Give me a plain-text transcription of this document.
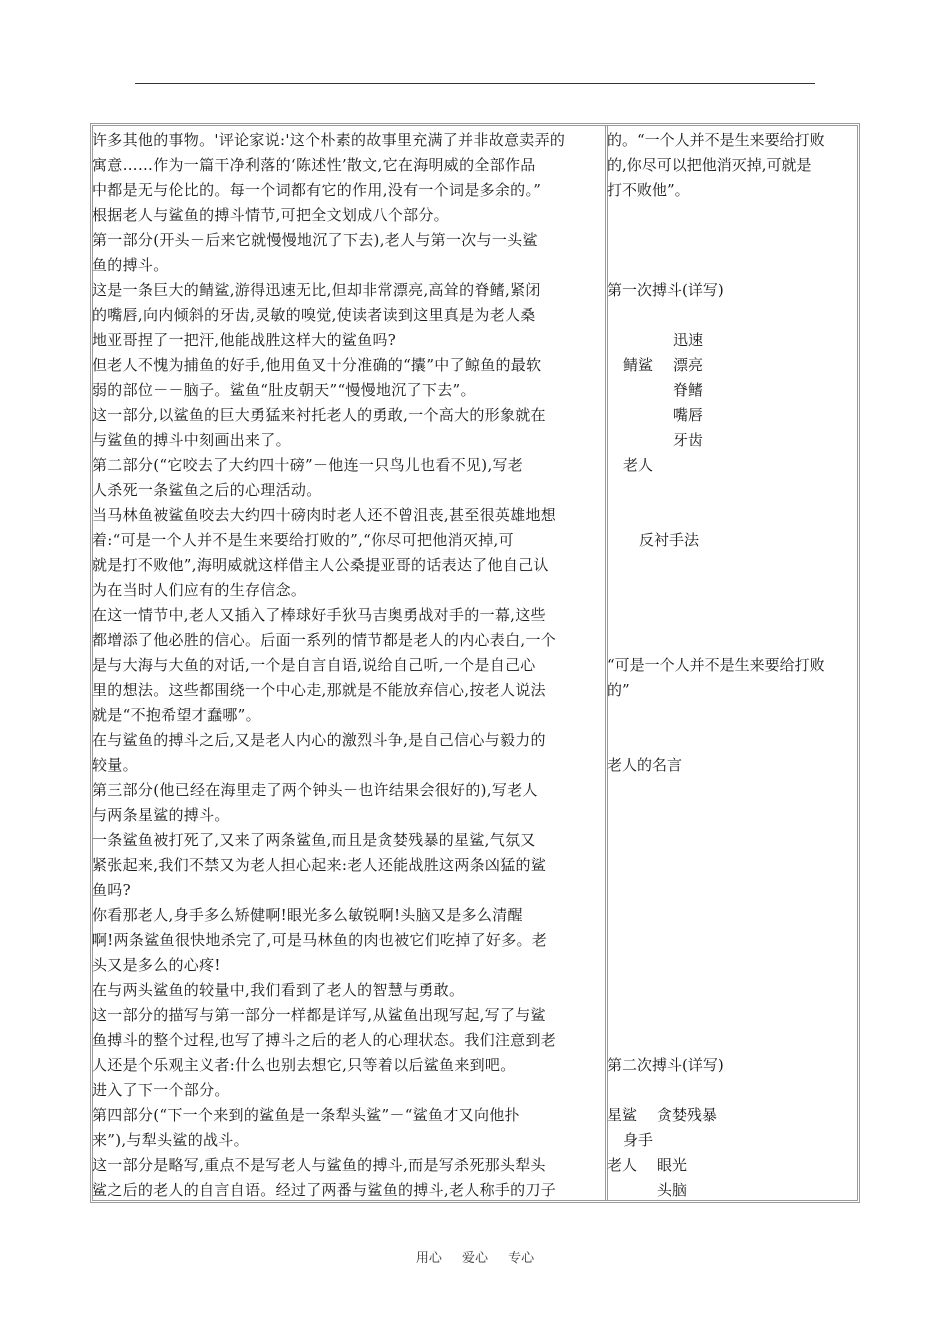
许多其他的事物。'评论家说:'这个朴素的故事里充满了并非故意卖弄的
寓意……作为一篇干净利落的‘陈述性’散文,它在海明威的全部作品
中都是无与伦比的。每一个词都有它的作用,没有一个词是多余的。”
根据老人与鲨鱼的搏斗情节,可把全文划成八个部分。
第一部分(开头－后来它就慢慢地沉了下去),老人与第一次与一头鲨
鱼的搏斗。
这是一条巨大的鲭鲨,游得迅速无比,但却非常漂亮,高耸的脊鳍,紧闭
的嘴唇,向内倾斜的牙齿,灵敏的嗅觉,使读者读到这里真是为老人桑
地亚哥捏了一把汗,他能战胜这样大的鲨鱼吗?
但老人不愧为捕鱼的好手,他用鱼叉十分准确的“攮”中了鲸鱼的最软
弱的部位－－脑子。鲨鱼“肚皮朝天”“慢慢地沉了下去”。
这一部分,以鲨鱼的巨大勇猛来衬托老人的勇敢,一个高大的形象就在
与鲨鱼的搏斗中刻画出来了。
第二部分(“它咬去了大约四十磅”－他连一只鸟儿也看不见),写老
人杀死一条鲨鱼之后的心理活动。
当马林鱼被鲨鱼咬去大约四十磅肉时老人还不曾沮丧,甚至很英雄地想
着:“可是一个人并不是生来要给打败的”,“你尽可把他消灭掉,可
就是打不败他”,海明威就这样借主人公桑提亚哥的话表达了他自己认
为在当时人们应有的生存信念。
在这一情节中,老人又插入了棒球好手狄马吉奥勇战对手的一幕,这些
都增添了他必胜的信心。后面一系列的情节都是老人的内心表白,一个
是与大海与大鱼的对话,一个是自言自语,说给自己听,一个是自己心
里的想法。这些都围绕一个中心走,那就是不能放弃信心,按老人说法
就是“不抱希望才蠢哪”。
在与鲨鱼的搏斗之后,又是老人内心的激烈斗争,是自己信心与毅力的
较量。
第三部分(他已经在海里走了两个钟头－也许结果会很好的),写老人
与两条星鲨的搏斗。
一条鲨鱼被打死了,又来了两条鲨鱼,而且是贪婪残暴的星鲨,气氛又
紧张起来,我们不禁又为老人担心起来:老人还能战胜这两条凶猛的鲨
鱼吗?
你看那老人,身手多么矫健啊!眼光多么敏锐啊!头脑又是多么清醒
啊!两条鲨鱼很快地杀完了,可是马林鱼的肉也被它们吃掉了好多。老
头又是多么的心疼!
在与两头鲨鱼的较量中,我们看到了老人的智慧与勇敢。
这一部分的描写与第一部分一样都是详写,从鲨鱼出现写起,写了与鲨
鱼搏斗的整个过程,也写了搏斗之后的老人的心理状态。我们注意到老
人还是个乐观主义者:什么也别去想它,只等着以后鲨鱼来到吧。
进入了下一个部分。
第四部分(“下一个来到的鲨鱼是一条犁头鲨”－“鲨鱼才又向他扑
来”),与犁头鲨的战斗。
这一部分是略写,重点不是写老人与鲨鱼的搏斗,而是写杀死那头犁头
鲨之后的老人的自言自语。经过了两番与鲨鱼的搏斗,老人称手的刀子
的。“一个人并不是生来要给打败
的,你尽可以把他消灭掉,可就是
打不败他”。
第一次搏斗(详写)
迅速
鲭鲨 漂亮
脊鳍
嘴唇
牙齿
老人
反衬手法
“可是一个人并不是生来要给打败
的”
老人的名言
第二次搏斗(详写)
星鲨 贪婪残暴
身手
老人 眼光
头脑
用心 爱心 专心
